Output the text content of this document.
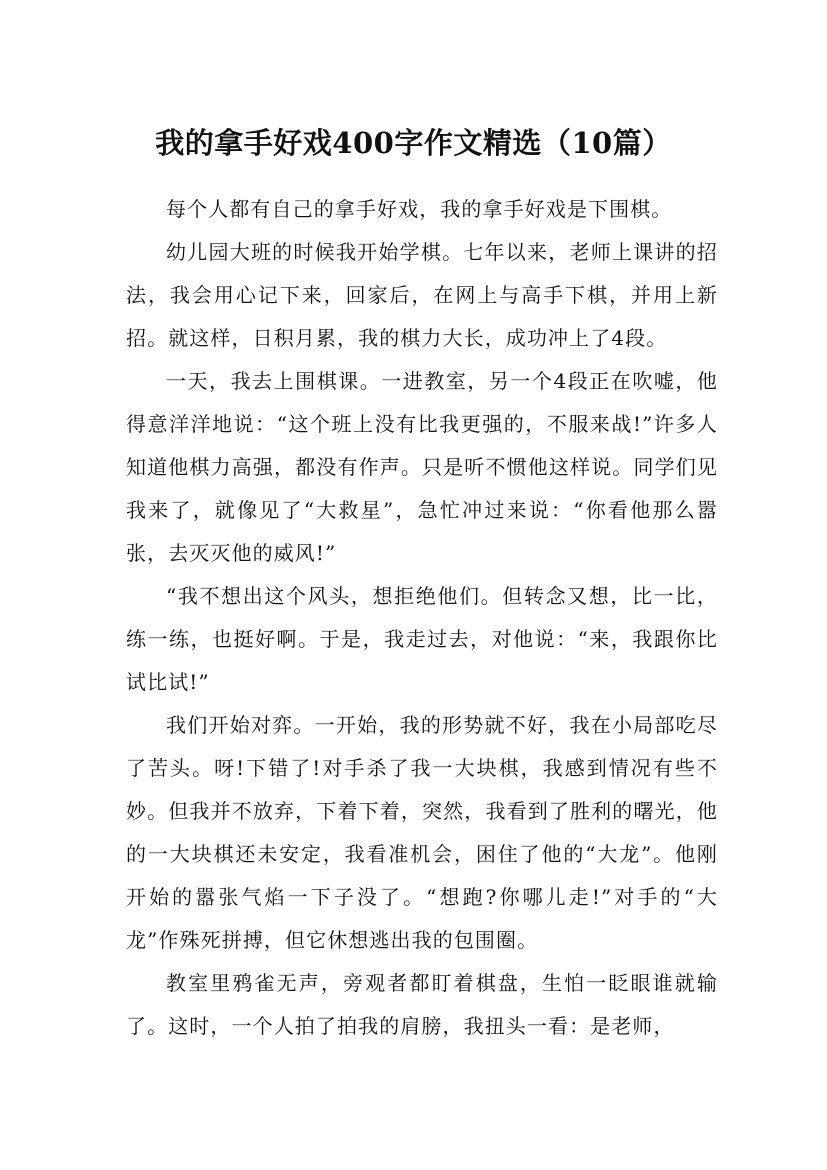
我的拿手好戏400字作文精选（10篇）

每个人都有自己的拿手好戏，我的拿手好戏是下围棋。

幼儿园大班的时候我开始学棋。七年以来，老师上课讲的招法，我会用心记下来，回家后，在网上与高手下棋，并用上新招。就这样，日积月累，我的棋力大长，成功冲上了4段。

一天，我去上围棋课。一进教室，另一个4段正在吹嘘，他得意洋洋地说：“这个班上没有比我更强的，不服来战!”许多人知道他棋力高强，都没有作声。只是听不惯他这样说。同学们见我来了，就像见了“大救星”，急忙冲过来说：“你看他那么嚣张，去灭灭他的威风!”

“我不想出这个风头，想拒绝他们。但转念又想，比一比，练一练，也挺好啊。于是，我走过去，对他说：“来，我跟你比试比试!”

我们开始对弈。一开始，我的形势就不好，我在小局部吃尽了苦头。呀!下错了!对手杀了我一大块棋，我感到情况有些不妙。但我并不放弃，下着下着，突然，我看到了胜利的曙光，他的一大块棋还未安定，我看准机会，困住了他的“大龙”。他刚开始的嚣张气焰一下子没了。“想跑?你哪儿走!”对手的“大龙”作殊死拼搏，但它休想逃出我的包围圈。

教室里鸦雀无声，旁观者都盯着棋盘，生怕一眨眼谁就输了。这时，一个人拍了拍我的肩膀，我扭头一看：是老师，
